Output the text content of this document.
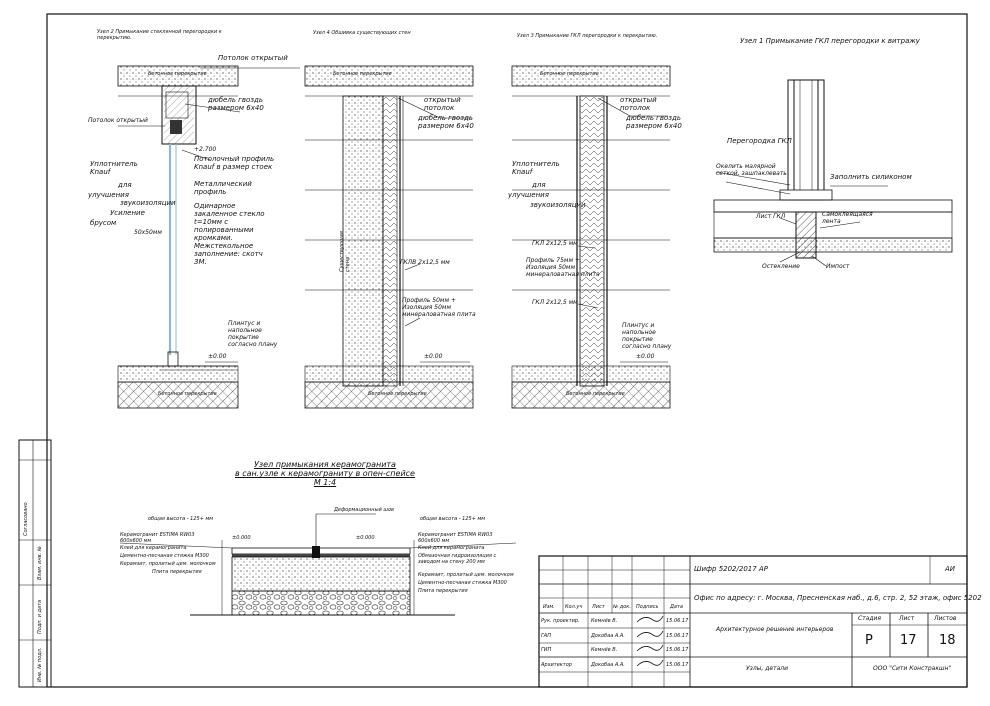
Узел 2 Примыкание стеклянной перегородки к перекрытию.
Потолок открытый
Бетонное перекрытие
Потолок открытый
дюбель гвоздь
размером 6х40
+2.700
Потолочный профиль
Knauf в размер стоек
Уплотнитель
Knauf
для
улучшения
звукоизоляции
Усиление
брусом
50х50мм
Металлический
профиль
Одинарное
закаленное стекло
t=10мм с
полированными
кромками.
Межстекольное
заполнение: скотч
3М.
Плинтус и
напольное
покрытие
согласно плану
±0.00
Бетонное перекрытие
Узел 4 Обшивка существующих стен
Бетонное перекрытие
открытый
потолок
дюбель гвоздь
размером 6х40
Существующая
стена	ГКЛВ 2х12,5 мм
Профиль 50мм +
Изоляция 50мм
минераловатная плита
±0.00
Бетонное перекрытие
Узел 3 Примыкание ГКЛ перегородки к перекрытию.
Бетонное перекрытие
открытый
потолок
дюбель гвоздь
размером 6х40
Уплотнитель
Knauf
для
улучшения
звукоизоляции
ГКЛ 2х12,5 мм
Профиль 75мм +
Изоляция 50мм
минераловатная плита
ГКЛ 2х12,5 мм
Плинтус и
напольное
покрытие
согласно плану
±0.00
Бетонное перекрытие
Узел 1 Примыкание ГКЛ перегородки к витражу
Перегородка ГКЛ
Окелить малярной
сеткой, зашпаклевать	Заполнить силиконом
Лист ГКЛ	Самоклеящаяся
лента
Остекление	Импост
Узел примыкания керамогранита
в сан.узле к керамограниту в опен-спейсе
М 1:4
Деформационный шов
общая высота - 125+ мм	общая высота - 125+ мм
±0.000	±0.000
Керамогранит ESTIMA RW03
600х600 мм
Клей для керамогранита
Цементно-песчаная стяжка М300
Керамзит, пролитый цем. молочком
Плита перекрытия
Керамогранит ESTIMA RW03
600х600 мм
Клей для керамогранита
Обмазочная гидроизоляция с
заводом на стену 200 мм
Керамзит, пролитый цем. молочком
Цементно-песчаная стяжка М300
Плита перекрытия
Инв. № подл.
Подп. и дата
Взам. инв. №
Согласовано
Шифр 5202/2017 АР	АИ
Офис по адресу: г. Москва, Пресненская наб., д.6, стр. 2, 52 этаж, офис 5202
Архитектурное решение интерьеров
Узлы, детали	ООО "Сити Констракшн"
Изм. Кол.уч Лист № док. Подпись Дата
Рук. проектир. Кемнёв В.	15.06.17
ГАП	Докобаа А.А.	15.06.17
ГИП	Кемнёв В.	15.06.17
Архитектор	Докобаа А.А.	15.06.17
Стадия	Лист	Листов
Р 17 18
